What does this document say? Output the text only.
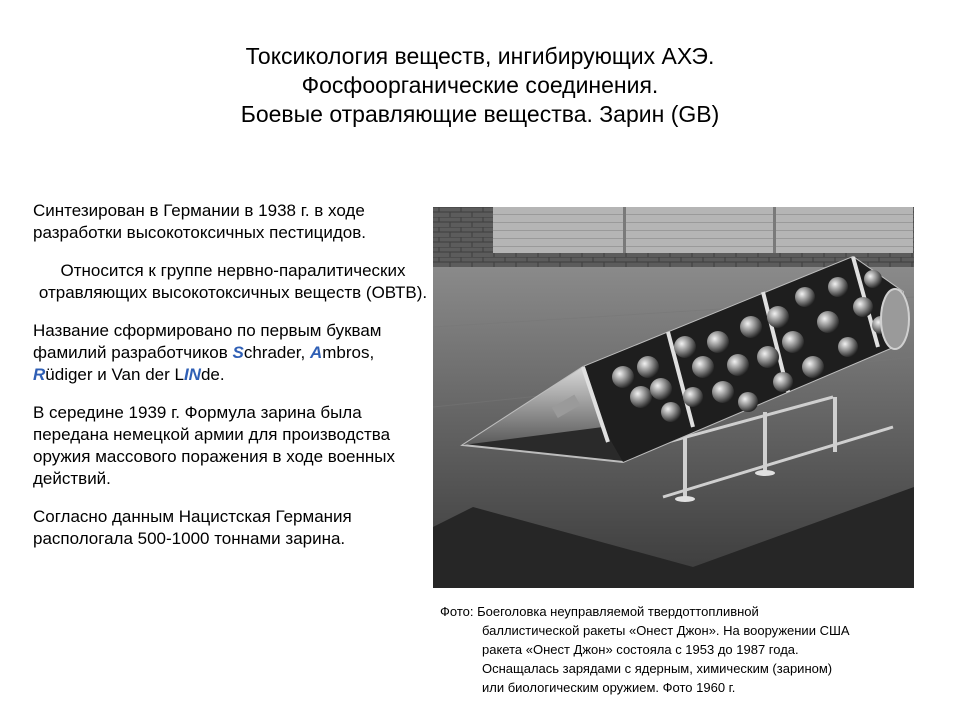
Токсикология веществ, ингибирующих АХЭ.
Фосфоорганические соединения.
Боевые отравляющие вещества. Зарин (GB)

Синтезирован в Германии в 1938 г. в ходе разработки высокотоксичных пестицидов.

Относится к группе нервно-паралитических отравляющих высокотоксичных веществ (ОВТВ).

Название сформировано по первым буквам фамилий разработчиков Schrader, Ambros, Rüdiger и Van der LINde.

В середине 1939 г. Формула зарина была передана немецкой армии для производства оружия массового поражения в ходе военных действий.

Согласно данным Нацистская Германия распологала 500-1000 тоннами зарина.

Фото: Боеголовка неуправляемой твердоттопливной
баллистической ракеты «Онест Джон». На вооружении США
ракета «Онест Джон» состояла с 1953 до 1987 года.
Оснащалась зарядами с ядерным, химическим (зарином)
или биологическим оружием. Фото 1960 г.
